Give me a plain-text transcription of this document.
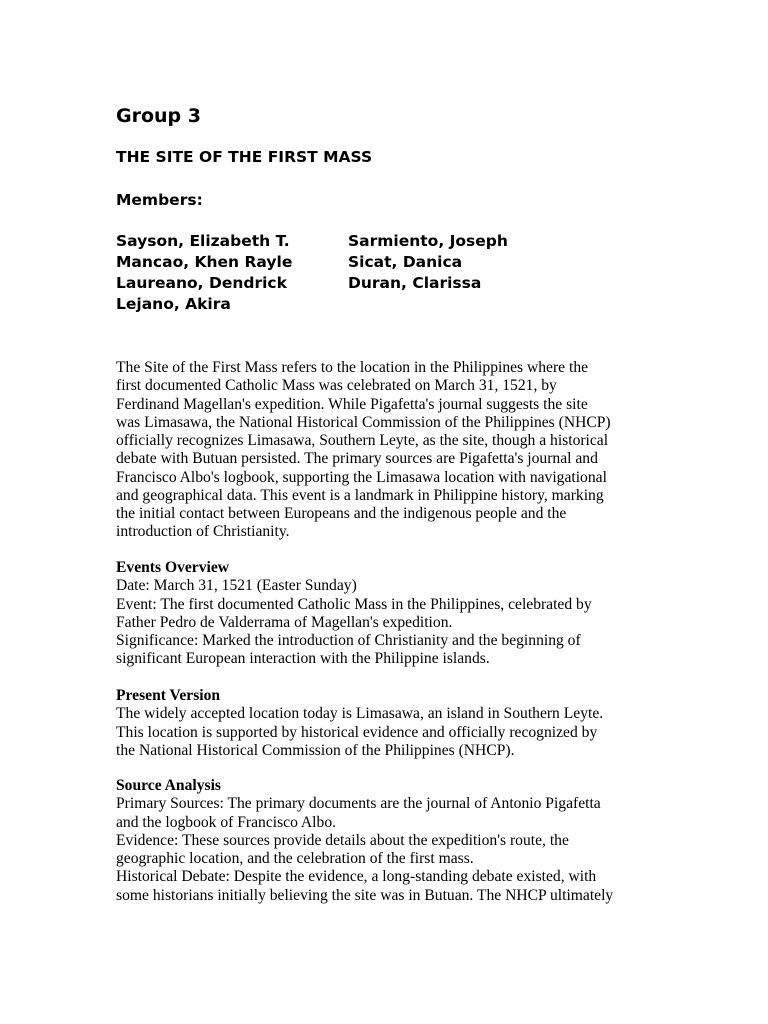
Group 3
THE SITE OF THE FIRST MASS
Members:
Sayson, Elizabeth T.
Mancao, Khen Rayle
Laureano, Dendrick
Lejano, Akira
Sarmiento, Joseph
Sicat, Danica
Duran, Clarissa
The Site of the First Mass refers to the location in the Philippines where the
first documented Catholic Mass was celebrated on March 31, 1521, by
Ferdinand Magellan's expedition. While Pigafetta's journal suggests the site
was Limasawa, the National Historical Commission of the Philippines (NHCP)
officially recognizes Limasawa, Southern Leyte, as the site, though a historical
debate with Butuan persisted. The primary sources are Pigafetta's journal and
Francisco Albo's logbook, supporting the Limasawa location with navigational
and geographical data. This event is a landmark in Philippine history, marking
the initial contact between Europeans and the indigenous people and the
introduction of Christianity.
Events Overview
Date: March 31, 1521 (Easter Sunday)
Event: The first documented Catholic Mass in the Philippines, celebrated by
Father Pedro de Valderrama of Magellan's expedition.
Significance: Marked the introduction of Christianity and the beginning of
significant European interaction with the Philippine islands.
Present Version
The widely accepted location today is Limasawa, an island in Southern Leyte.
This location is supported by historical evidence and officially recognized by
the National Historical Commission of the Philippines (NHCP).
Source Analysis
Primary Sources: The primary documents are the journal of Antonio Pigafetta
and the logbook of Francisco Albo.
Evidence: These sources provide details about the expedition's route, the
geographic location, and the celebration of the first mass.
Historical Debate: Despite the evidence, a long-standing debate existed, with
some historians initially believing the site was in Butuan. The NHCP ultimately
